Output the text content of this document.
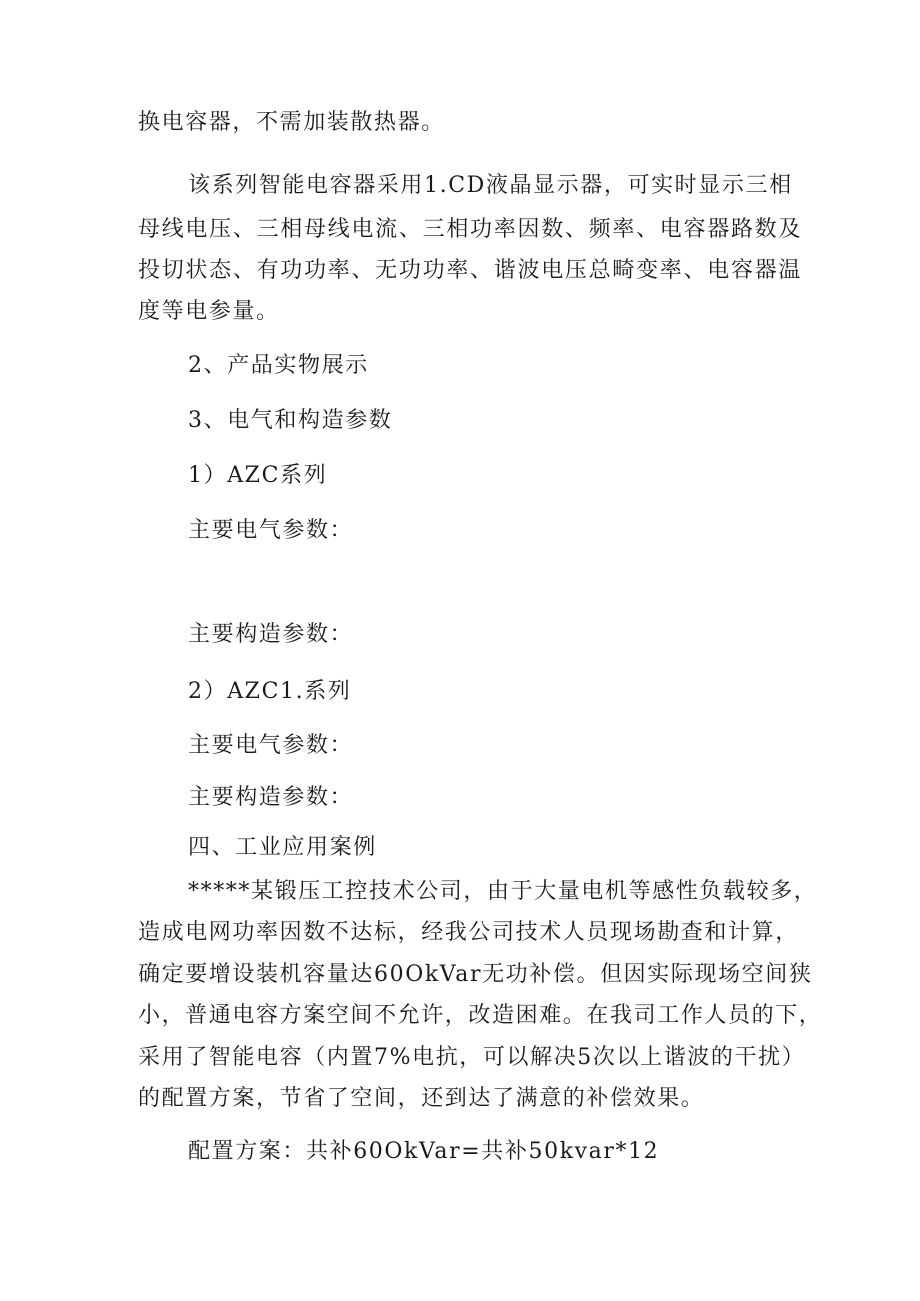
换电容器，不需加装散热器。
该系列智能电容器采用1.CD液晶显示器，可实时显示三相
母线电压、三相母线电流、三相功率因数、频率、电容器路数及
投切状态、有功功率、无功功率、谐波电压总畸变率、电容器温
度等电参量。
2、产品实物展示
3、电气和构造参数
1）AZC系列
主要电气参数：
主要构造参数：
2）AZC1.系列
主要电气参数：
主要构造参数：
四、工业应用案例
*****某锻压工控技术公司，由于大量电机等感性负载较多，
造成电网功率因数不达标，经我公司技术人员现场勘查和计算，
确定要增设装机容量达60OkVar无功补偿。但因实际现场空间狭
小，普通电容方案空间不允许，改造困难。在我司工作人员的下，
采用了智能电容（内置7%电抗，可以解决5次以上谐波的干扰）
的配置方案，节省了空间，还到达了满意的补偿效果。
配置方案：共补60OkVar=共补50kvar*12
